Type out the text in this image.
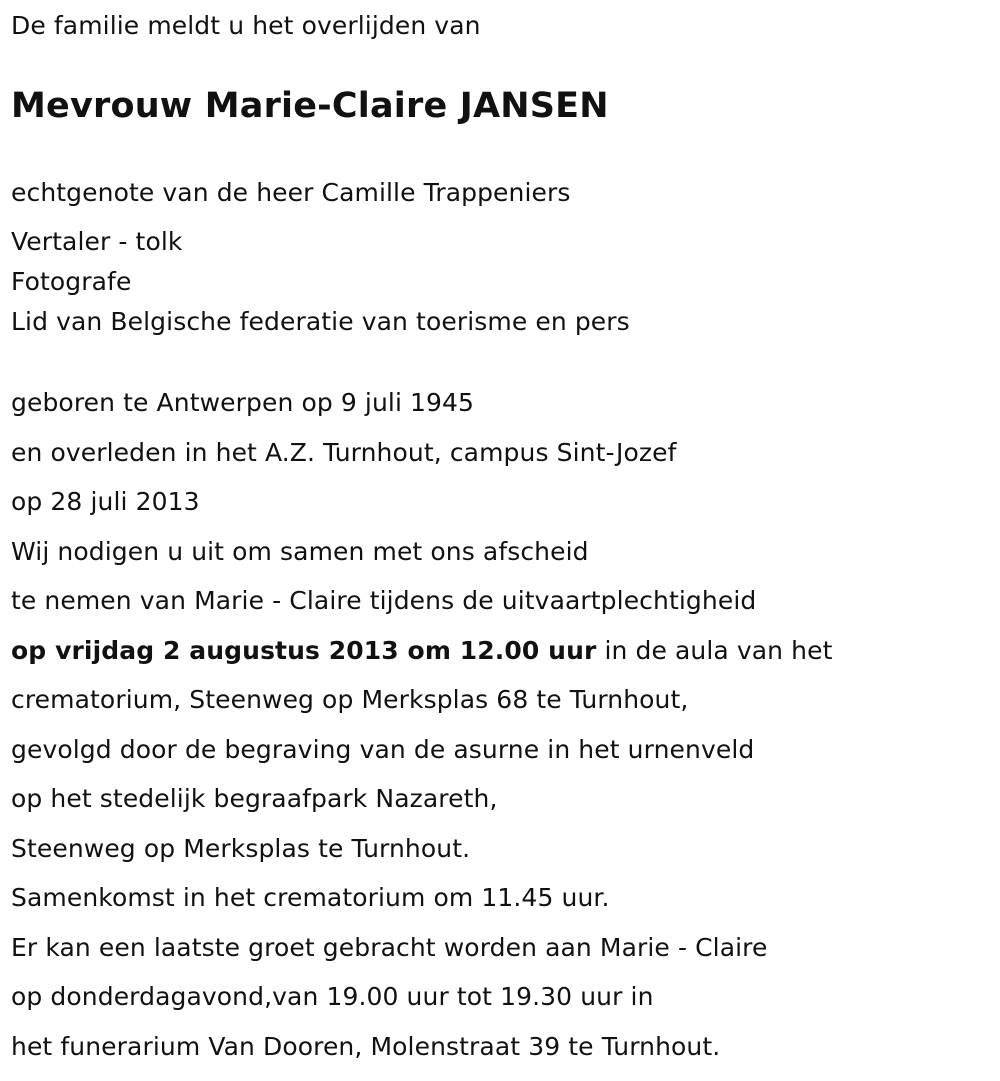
De familie meldt u het overlijden van
Mevrouw Marie-Claire JANSEN
echtgenote van de heer Camille Trappeniers
Vertaler - tolk
Fotografe
Lid van Belgische federatie van toerisme en pers
geboren te Antwerpen op 9 juli 1945
en overleden in het A.Z. Turnhout, campus Sint-Jozef
op 28 juli 2013
Wij nodigen u uit om samen met ons afscheid
te nemen van Marie - Claire tijdens de uitvaartplechtigheid
op vrijdag 2 augustus 2013 om 12.00 uur in de aula van het
crematorium, Steenweg op Merksplas 68 te Turnhout,
gevolgd door de begraving van de asurne in het urnenveld
op het stedelijk begraafpark Nazareth,
Steenweg op Merksplas te Turnhout.
Samenkomst in het crematorium om 11.45 uur.
Er kan een laatste groet gebracht worden aan Marie - Claire
op donderdagavond,van 19.00 uur tot 19.30 uur in
het funerarium Van Dooren, Molenstraat 39 te Turnhout.
